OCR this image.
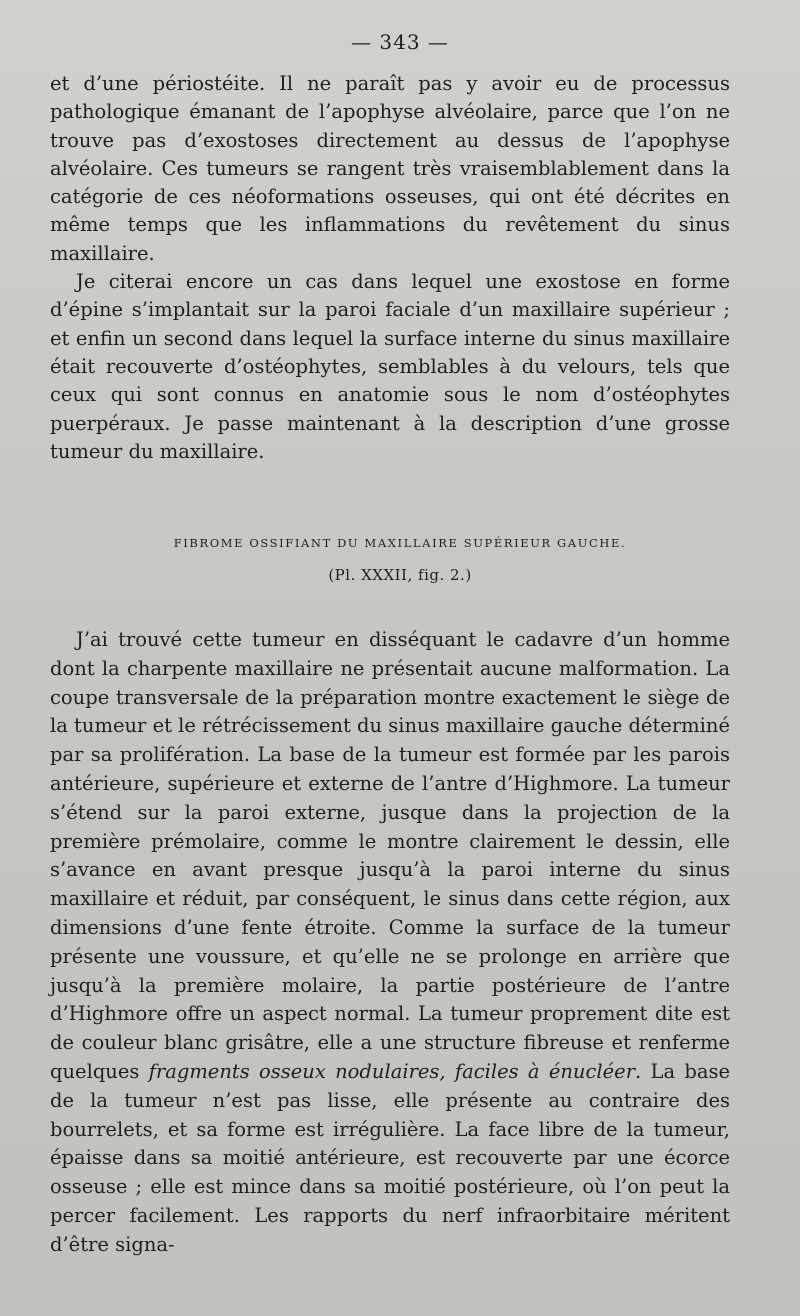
— 343 —

et d’une périostéite. Il ne paraît pas y avoir eu de processus pathologique émanant de l’apophyse alvéolaire, parce que l’on ne trouve pas d’exostoses directement au dessus de l’apophyse alvéolaire. Ces tumeurs se rangent très vraisemblablement dans la catégorie de ces néoformations osseuses, qui ont été décrites en même temps que les inflammations du revêtement du sinus maxillaire.

Je citerai encore un cas dans lequel une exostose en forme d’épine s’implantait sur la paroi faciale d’un maxillaire supérieur ; et enfin un second dans lequel la surface interne du sinus maxillaire était recouverte d’ostéophytes, semblables à du velours, tels que ceux qui sont connus en anatomie sous le nom d’ostéophytes puerpéraux. Je passe maintenant à la description d’une grosse tumeur du maxillaire.

FIBROME OSSIFIANT DU MAXILLAIRE SUPÉRIEUR GAUCHE.
(Pl. XXXII, fig. 2.)

J’ai trouvé cette tumeur en disséquant le cadavre d’un homme dont la charpente maxillaire ne présentait aucune malformation. La coupe transversale de la préparation montre exactement le siège de la tumeur et le rétrécissement du sinus maxillaire gauche déterminé par sa prolifération. La base de la tumeur est formée par les parois antérieure, supérieure et externe de l’antre d’Highmore. La tumeur s’étend sur la paroi externe, jusque dans la projection de la première prémolaire, comme le montre clairement le dessin, elle s’avance en avant presque jusqu’à la paroi interne du sinus maxillaire et réduit, par conséquent, le sinus dans cette région, aux dimensions d’une fente étroite. Comme la surface de la tumeur présente une voussure, et qu’elle ne se prolonge en arrière que jusqu’à la première molaire, la partie postérieure de l’antre d’Highmore offre un aspect normal. La tumeur proprement dite est de couleur blanc grisâtre, elle a une structure fibreuse et renferme quelques fragments osseux nodulaires, faciles à énucléer. La base de la tumeur n’est pas lisse, elle présente au contraire des bourrelets, et sa forme est irrégulière. La face libre de la tumeur, épaisse dans sa moitié antérieure, est recouverte par une écorce osseuse ; elle est mince dans sa moitié postérieure, où l’on peut la percer facilement. Les rapports du nerf infraorbitaire méritent d’être signa-
